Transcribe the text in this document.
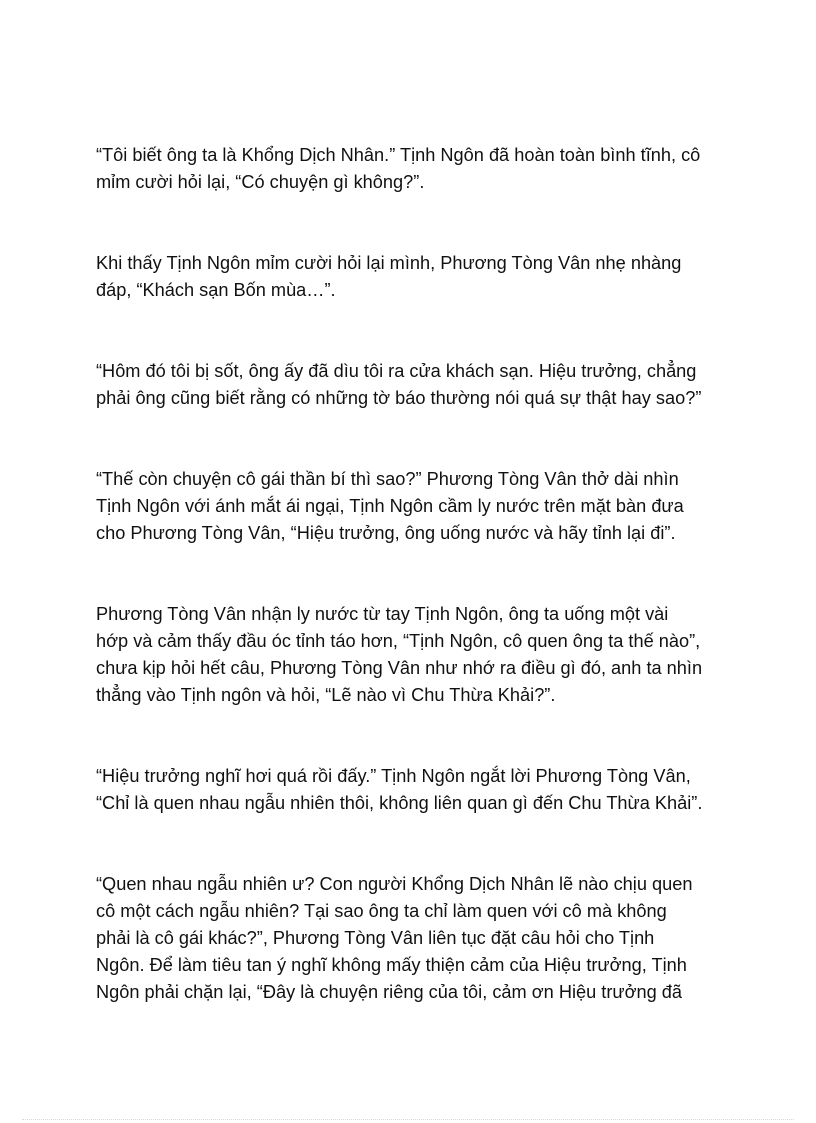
“Tôi biết ông ta là Khổng Dịch Nhân.” Tịnh Ngôn đã hoàn toàn bình tĩnh, cô
mỉm cười hỏi lại, “Có chuyện gì không?”.

Khi thấy Tịnh Ngôn mỉm cười hỏi lại mình, Phương Tòng Vân nhẹ nhàng
đáp, “Khách sạn Bốn mùa…”.

“Hôm đó tôi bị sốt, ông ấy đã dìu tôi ra cửa khách sạn. Hiệu trưởng, chẳng
phải ông cũng biết rằng có những tờ báo thường nói quá sự thật hay sao?”

“Thế còn chuyện cô gái thần bí thì sao?” Phương Tòng Vân thở dài nhìn
Tịnh Ngôn với ánh mắt ái ngại, Tịnh Ngôn cầm ly nước trên mặt bàn đưa
cho Phương Tòng Vân, “Hiệu trưởng, ông uống nước và hãy tỉnh lại đi”.

Phương Tòng Vân nhận ly nước từ tay Tịnh Ngôn, ông ta uống một vài
hớp và cảm thấy đầu óc tỉnh táo hơn, “Tịnh Ngôn, cô quen ông ta thế nào”,
chưa kịp hỏi hết câu, Phương Tòng Vân như nhớ ra điều gì đó, anh ta nhìn
thẳng vào Tịnh ngôn và hỏi, “Lẽ nào vì Chu Thừa Khải?”.

“Hiệu trưởng nghĩ hơi quá rồi đấy.” Tịnh Ngôn ngắt lời Phương Tòng Vân,
“Chỉ là quen nhau ngẫu nhiên thôi, không liên quan gì đến Chu Thừa Khải”.

“Quen nhau ngẫu nhiên ư? Con người Khổng Dịch Nhân lẽ nào chịu quen
cô một cách ngẫu nhiên? Tại sao ông ta chỉ làm quen với cô mà không
phải là cô gái khác?”, Phương Tòng Vân liên tục đặt câu hỏi cho Tịnh
Ngôn. Để làm tiêu tan ý nghĩ không mấy thiện cảm của Hiệu trưởng, Tịnh
Ngôn phải chặn lại, “Đây là chuyện riêng của tôi, cảm ơn Hiệu trưởng đã
